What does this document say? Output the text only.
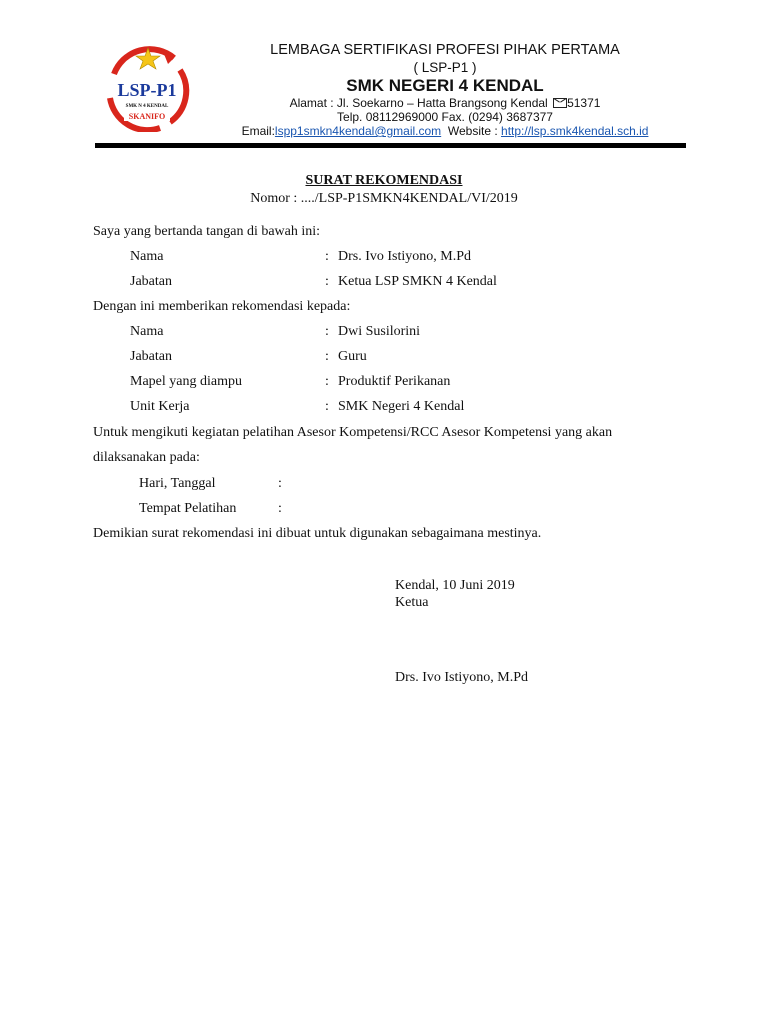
LSP-P1
SMK N 4 KENDAL
SKANIFO
LEMBAGA SERTIFIKASI PROFESI PIHAK PERTAMA
( LSP-P1 )
SMK NEGERI 4 KENDAL
Alamat : Jl. Soekarno – Hatta Brangsong Kendal 51371
Telp. 08112969000 Fax. (0294) 3687377
Email:lspp1smkn4kendal@gmail.com Website : http://lsp.smk4kendal.sch.id
SURAT REKOMENDASI
Nomor : ..../LSP-P1SMKN4KENDAL/VI/2019
Saya yang bertanda tangan di bawah ini:
Nama	: Drs. Ivo Istiyono, M.Pd
Jabatan	: Ketua LSP SMKN 4 Kendal
Dengan ini memberikan rekomendasi kepada:
Nama	: Dwi Susilorini
Jabatan	: Guru
Mapel yang diampu	: Produktif Perikanan
Unit Kerja	: SMK Negeri 4 Kendal
Untuk mengikuti kegiatan pelatihan Asesor Kompetensi/RCC Asesor Kompetensi yang akan
dilaksanakan pada:
Hari, Tanggal	:
Tempat Pelatihan	:
Demikian surat rekomendasi ini dibuat untuk digunakan sebagaimana mestinya.
Kendal, 10 Juni 2019
Ketua
Drs. Ivo Istiyono, M.Pd
